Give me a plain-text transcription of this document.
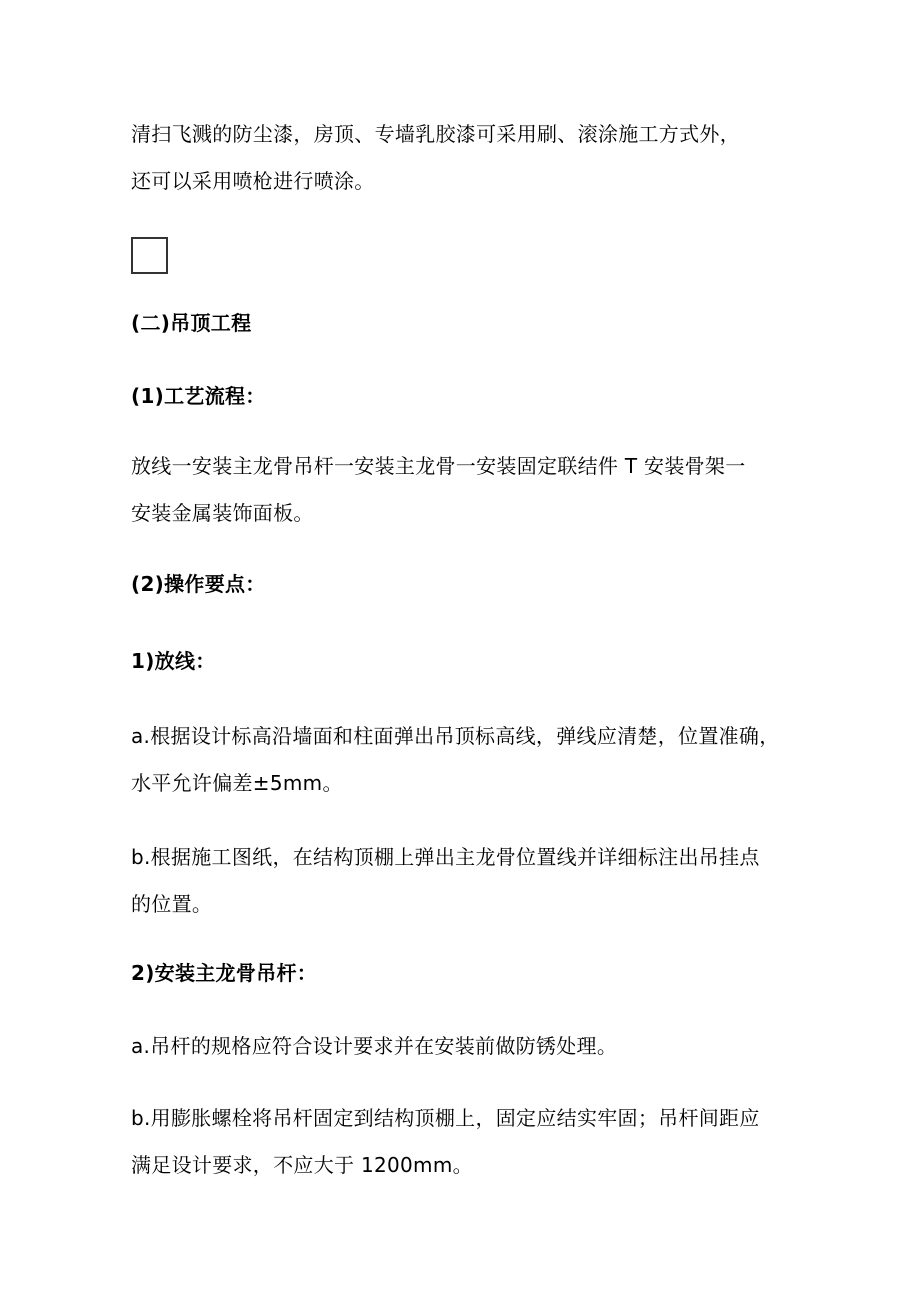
清扫飞溅的防尘漆，房顶、专墙乳胶漆可采用刷、滚涂施工方式外，
还可以采用喷枪进行喷涂。
(二)吊顶工程
(1)工艺流程：
放线一安装主龙骨吊杆一安装主龙骨一安装固定联结件 T 安装骨架一
安装金属装饰面板。
(2)操作要点：
1)放线：
a.根据设计标高沿墙面和柱面弹出吊顶标高线，弹线应清楚，位置准确，
水平允许偏差±5mm。
b.根据施工图纸，在结构顶棚上弹出主龙骨位置线并详细标注出吊挂点
的位置。
2)安装主龙骨吊杆：
a.吊杆的规格应符合设计要求并在安装前做防锈处理。
b.用膨胀螺栓将吊杆固定到结构顶棚上，固定应结实牢固；吊杆间距应
满足设计要求，不应大于 1200mm。
